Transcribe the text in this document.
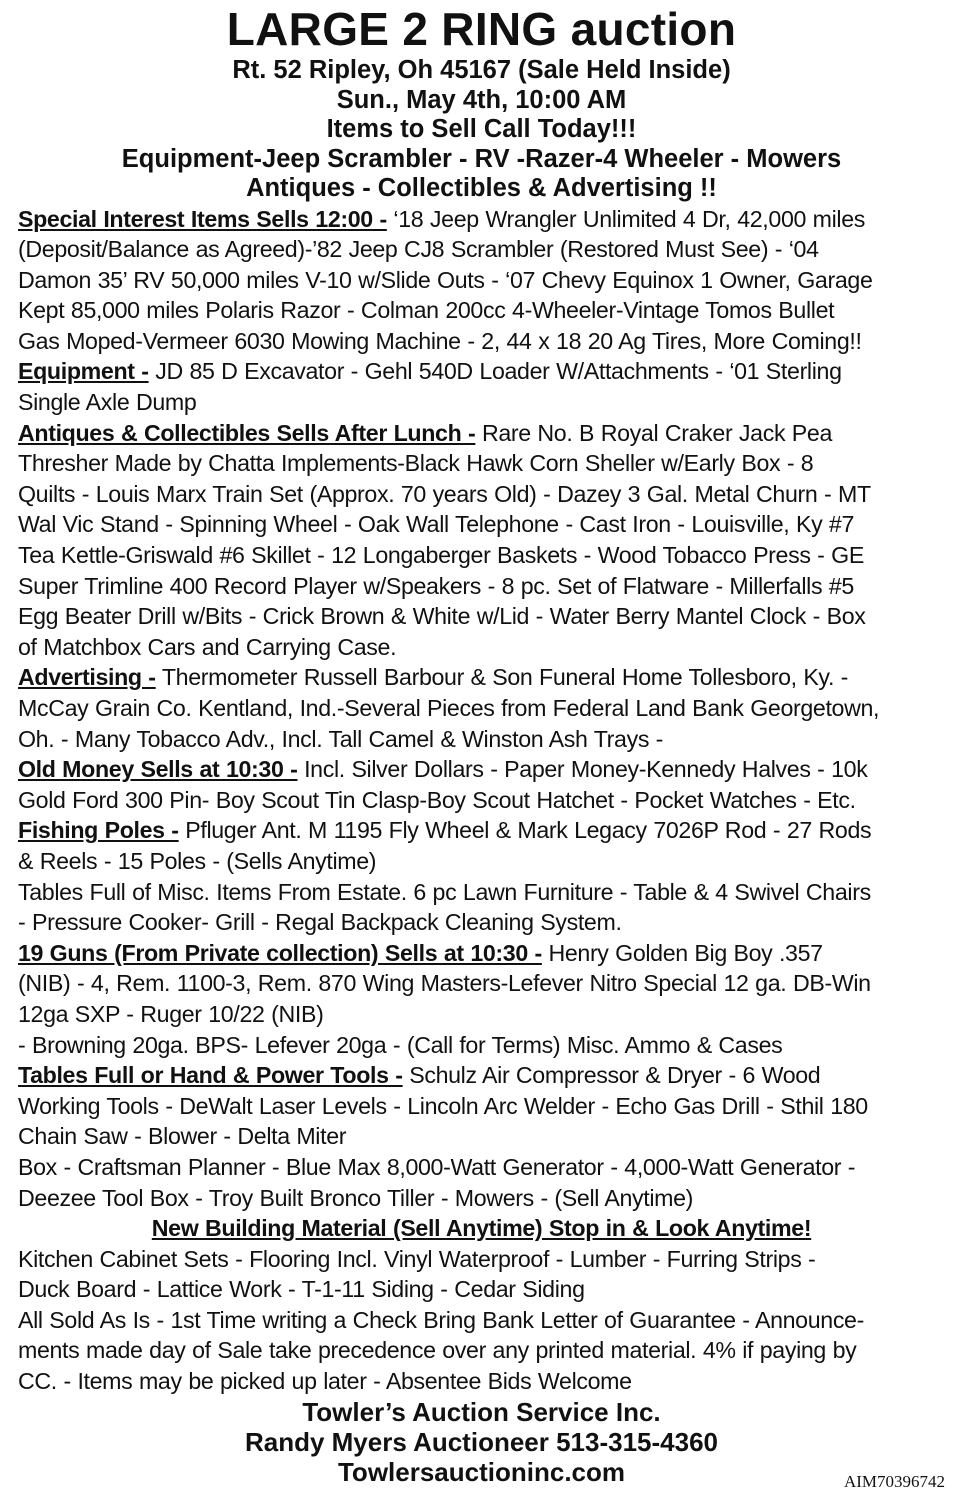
LARGE 2 RING auction

Rt. 52 Ripley, Oh 45167 (Sale Held Inside)

Sun., May 4th, 10:00 AM

Items to Sell Call Today!!!

Equipment-Jeep Scrambler - RV -Razer-4 Wheeler - Mowers

Antiques - Collectibles & Advertising !!

Special Interest Items Sells 12:00 - ‘18 Jeep Wrangler Unlimited 4 Dr, 42,000 miles
(Deposit/Balance as Agreed)-’82 Jeep CJ8 Scrambler (Restored Must See) - ‘04
Damon 35’ RV 50,000 miles V-10 w/Slide Outs - ‘07 Chevy Equinox 1 Owner, Garage
Kept 85,000 miles Polaris Razor - Colman 200cc 4-Wheeler-Vintage Tomos Bullet
Gas Moped-Vermeer 6030 Mowing Machine - 2, 44 x 18 20 Ag Tires, More Coming!!
Equipment - JD 85 D Excavator - Gehl 540D Loader W/Attachments - ‘01 Sterling
Single Axle Dump
Antiques & Collectibles Sells After Lunch - Rare No. B Royal Craker Jack Pea
Thresher Made by Chatta Implements-Black Hawk Corn Sheller w/Early Box - 8
Quilts - Louis Marx Train Set (Approx. 70 years Old) - Dazey 3 Gal. Metal Churn - MT
Wal Vic Stand - Spinning Wheel - Oak Wall Telephone - Cast Iron - Louisville, Ky #7
Tea Kettle-Griswald #6 Skillet - 12 Longaberger Baskets - Wood Tobacco Press - GE
Super Trimline 400 Record Player w/Speakers - 8 pc. Set of Flatware - Millerfalls #5
Egg Beater Drill w/Bits - Crick Brown & White w/Lid - Water Berry Mantel Clock - Box
of Matchbox Cars and Carrying Case.
Advertising - Thermometer Russell Barbour & Son Funeral Home Tollesboro, Ky. -
McCay Grain Co. Kentland, Ind.-Several Pieces from Federal Land Bank Georgetown,
Oh. - Many Tobacco Adv., Incl. Tall Camel & Winston Ash Trays -
Old Money Sells at 10:30 - Incl. Silver Dollars - Paper Money-Kennedy Halves - 10k
Gold Ford 300 Pin- Boy Scout Tin Clasp-Boy Scout Hatchet - Pocket Watches - Etc.
Fishing Poles - Pfluger Ant. M 1195 Fly Wheel & Mark Legacy 7026P Rod - 27 Rods
& Reels - 15 Poles - (Sells Anytime)
Tables Full of Misc. Items From Estate. 6 pc Lawn Furniture - Table & 4 Swivel Chairs
- Pressure Cooker- Grill - Regal Backpack Cleaning System.
19 Guns (From Private collection) Sells at 10:30 - Henry Golden Big Boy .357
(NIB) - 4, Rem. 1100-3, Rem. 870 Wing Masters-Lefever Nitro Special 12 ga. DB-Win
12ga SXP - Ruger 10/22 (NIB)
- Browning 20ga. BPS- Lefever 20ga - (Call for Terms) Misc. Ammo & Cases
Tables Full or Hand & Power Tools - Schulz Air Compressor & Dryer - 6 Wood
Working Tools - DeWalt Laser Levels - Lincoln Arc Welder - Echo Gas Drill - Sthil 180
Chain Saw - Blower - Delta Miter
Box - Craftsman Planner - Blue Max 8,000-Watt Generator - 4,000-Watt Generator -
Deezee Tool Box - Troy Built Bronco Tiller - Mowers - (Sell Anytime)
New Building Material (Sell Anytime) Stop in & Look Anytime!
Kitchen Cabinet Sets - Flooring Incl. Vinyl Waterproof - Lumber - Furring Strips -
Duck Board - Lattice Work - T-1-11 Siding - Cedar Siding
All Sold As Is - 1st Time writing a Check Bring Bank Letter of Guarantee - Announce-
ments made day of Sale take precedence over any printed material. 4% if paying by
CC. - Items may be picked up later - Absentee Bids Welcome

Towler’s Auction Service Inc.

Randy Myers Auctioneer 513-315-4360

Towlersauctioninc.com	AIM70396742
